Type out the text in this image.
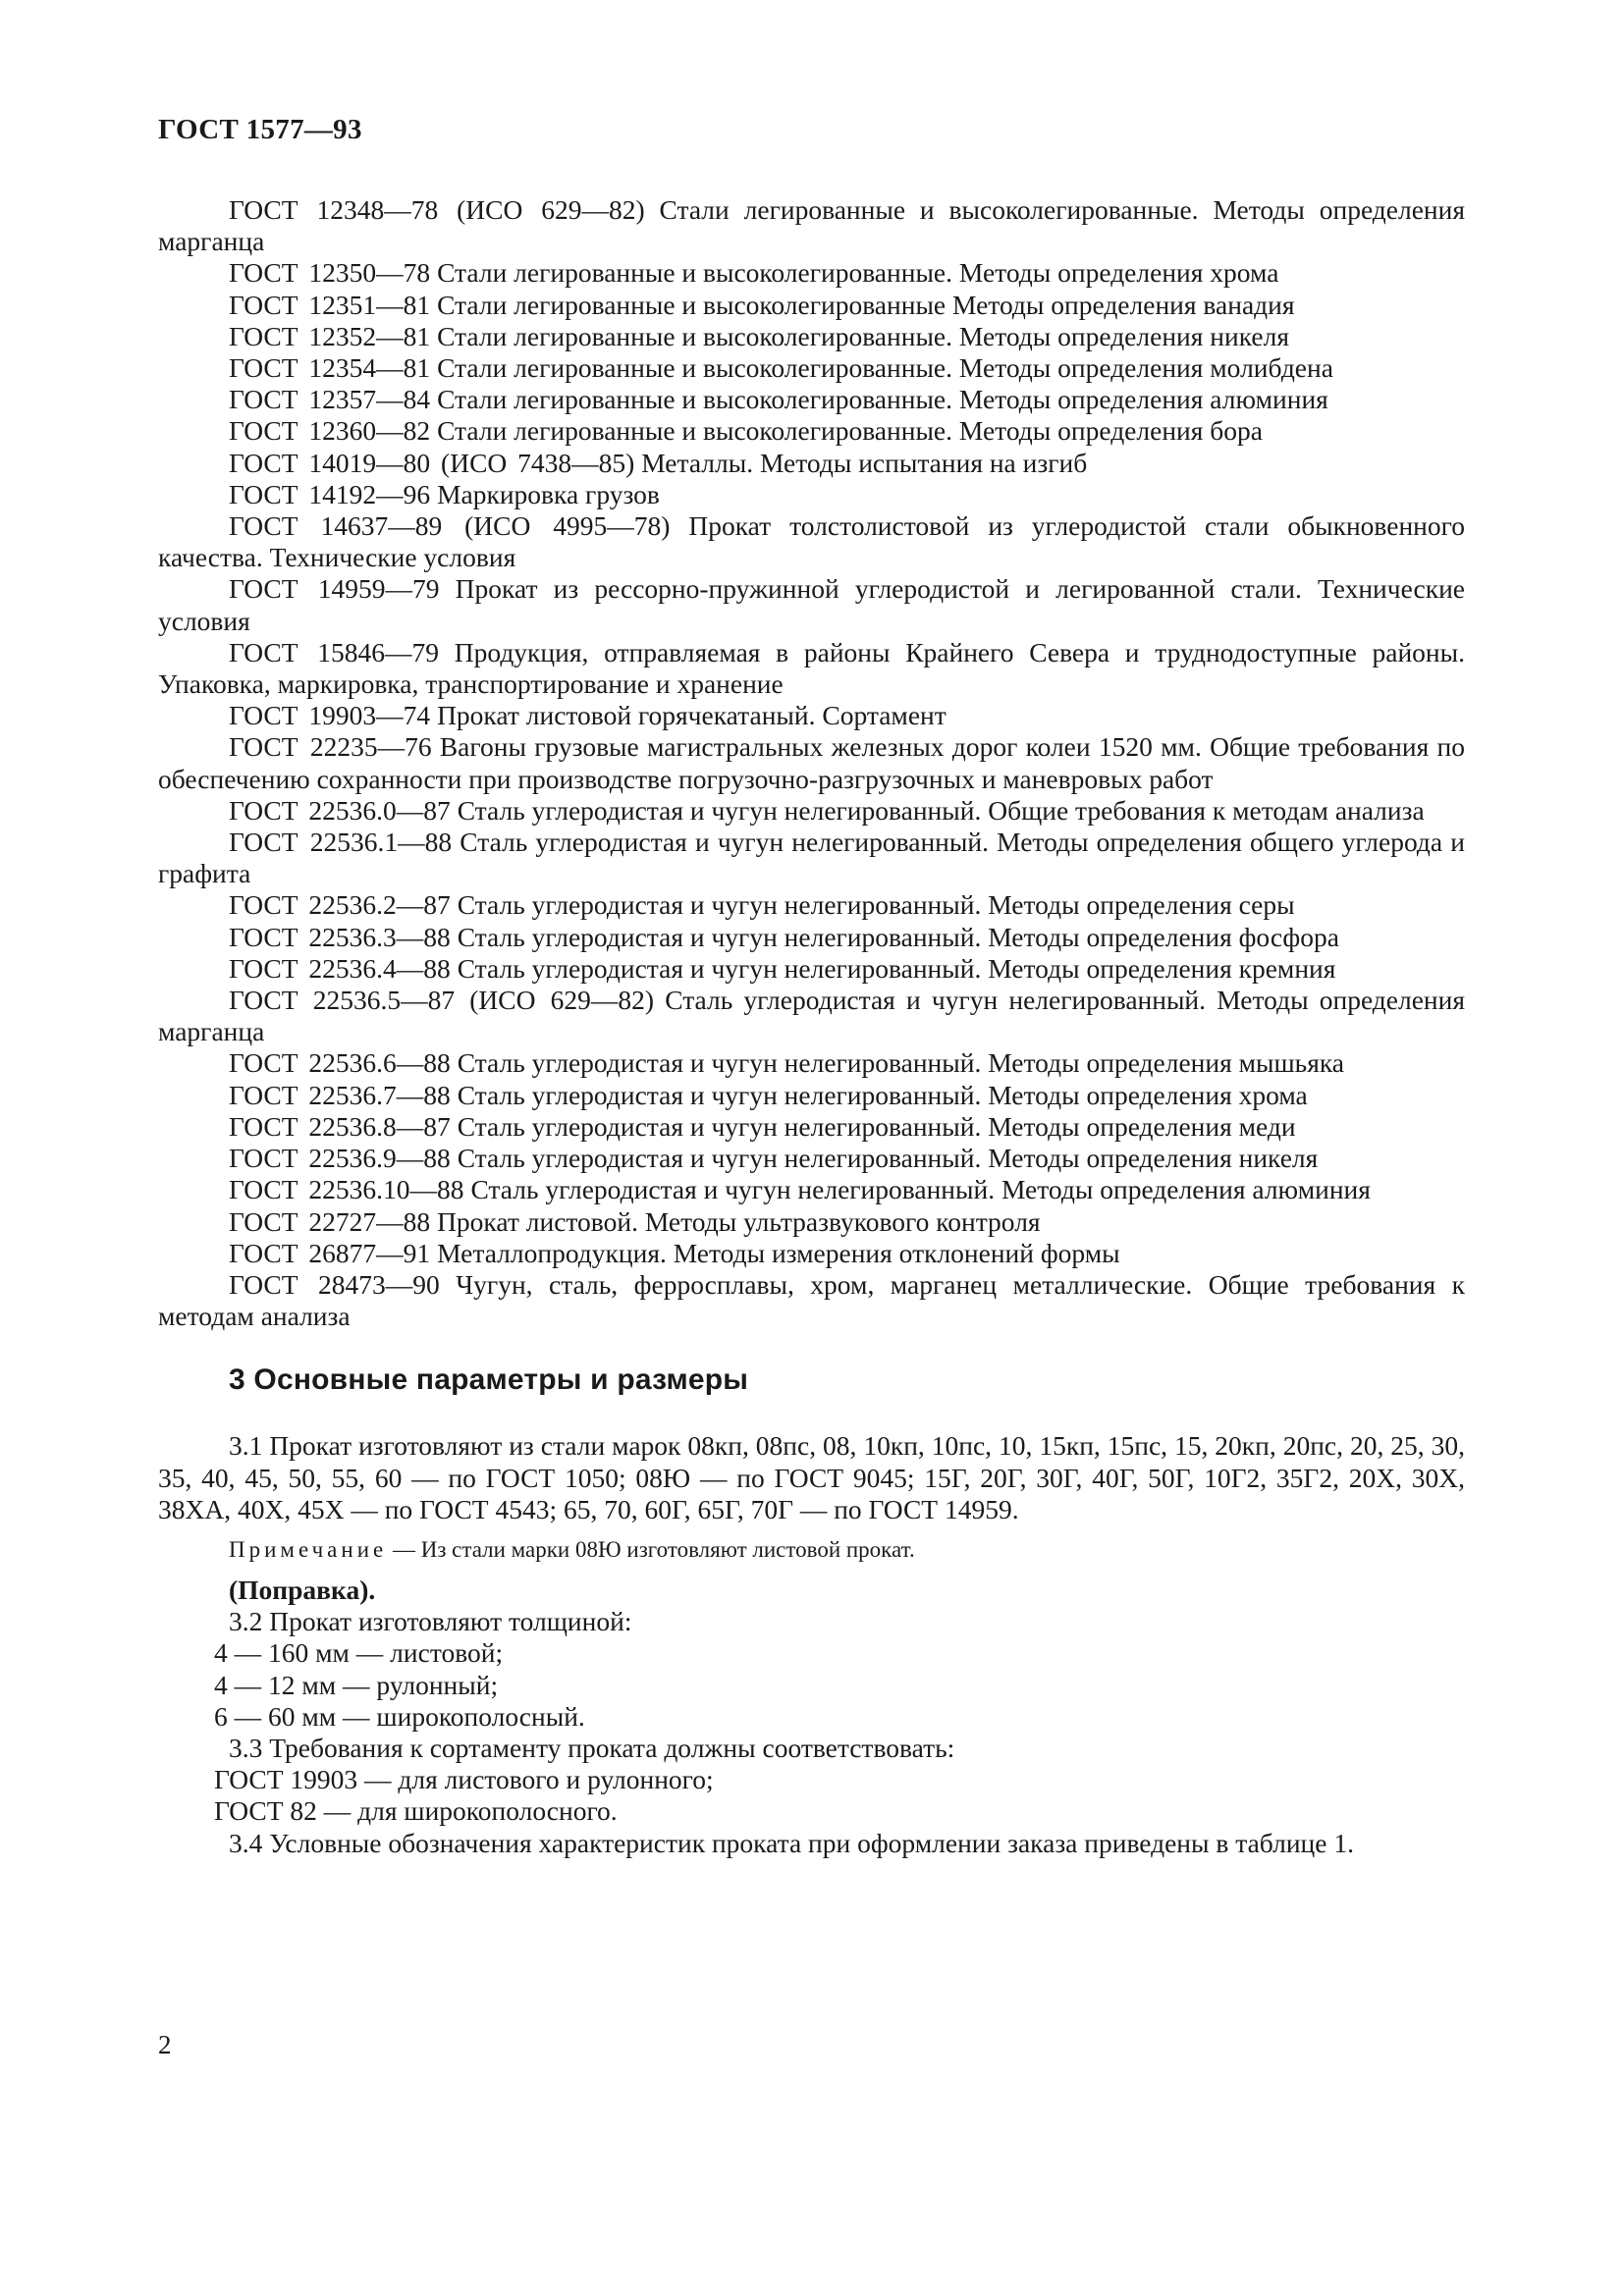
ГОСТ 1577—93

ГОСТ 12348—78 (ИСО 629—82) Стали легированные и высоколегированные. Методы определения марганца

ГОСТ 12350—78 Стали легированные и высоколегированные. Методы определения хрома

ГОСТ 12351—81 Стали легированные и высоколегированные Методы определения ванадия

ГОСТ 12352—81 Стали легированные и высоколегированные. Методы определения никеля

ГОСТ 12354—81 Стали легированные и высоколегированные. Методы определения молибдена

ГОСТ 12357—84 Стали легированные и высоколегированные. Методы определения алюминия

ГОСТ 12360—82 Стали легированные и высоколегированные. Методы определения бора

ГОСТ 14019—80 (ИСО 7438—85) Металлы. Методы испытания на изгиб

ГОСТ 14192—96 Маркировка грузов

ГОСТ 14637—89 (ИСО 4995—78) Прокат толстолистовой из углеродистой стали обыкновенного качества. Технические условия

ГОСТ 14959—79 Прокат из рессорно-пружинной углеродистой и легированной стали. Технические условия

ГОСТ 15846—79 Продукция, отправляемая в районы Крайнего Севера и труднодоступные районы. Упаковка, маркировка, транспортирование и хранение

ГОСТ 19903—74 Прокат листовой горячекатаный. Сортамент

ГОСТ 22235—76 Вагоны грузовые магистральных железных дорог колеи 1520 мм. Общие требования по обеспечению сохранности при производстве погрузочно-разгрузочных и маневровых работ

ГОСТ 22536.0—87 Сталь углеродистая и чугун нелегированный. Общие требования к методам анализа

ГОСТ 22536.1—88 Сталь углеродистая и чугун нелегированный. Методы определения общего углерода и графита

ГОСТ 22536.2—87 Сталь углеродистая и чугун нелегированный. Методы определения серы

ГОСТ 22536.3—88 Сталь углеродистая и чугун нелегированный. Методы определения фосфора

ГОСТ 22536.4—88 Сталь углеродистая и чугун нелегированный. Методы определения кремния

ГОСТ 22536.5—87 (ИСО 629—82) Сталь углеродистая и чугун нелегированный. Методы определения марганца

ГОСТ 22536.6—88 Сталь углеродистая и чугун нелегированный. Методы определения мышьяка

ГОСТ 22536.7—88 Сталь углеродистая и чугун нелегированный. Методы определения хрома

ГОСТ 22536.8—87 Сталь углеродистая и чугун нелегированный. Методы определения меди

ГОСТ 22536.9—88 Сталь углеродистая и чугун нелегированный. Методы определения никеля

ГОСТ 22536.10—88 Сталь углеродистая и чугун нелегированный. Методы определения алюминия

ГОСТ 22727—88 Прокат листовой. Методы ультразвукового контроля

ГОСТ 26877—91 Металлопродукция. Методы измерения отклонений формы

ГОСТ 28473—90 Чугун, сталь, ферросплавы, хром, марганец металлические. Общие требования к методам анализа

3 Основные параметры и размеры

3.1 Прокат изготовляют из стали марок 08кп, 08пс, 08, 10кп, 10пс, 10, 15кп, 15пс, 15, 20кп, 20пс, 20, 25, 30, 35, 40, 45, 50, 55, 60 — по ГОСТ 1050; 08Ю — по ГОСТ 9045; 15Г, 20Г, 30Г, 40Г, 50Г, 10Г2, 35Г2, 20Х, 30Х, 38ХА, 40Х, 45Х — по ГОСТ 4543; 65, 70, 60Г, 65Г, 70Г — по ГОСТ 14959.

Примечание — Из стали марки 08Ю изготовляют листовой прокат.
(Поправка).
3.2 Прокат изготовляют толщиной:
4 — 160 мм — листовой;
4 — 12 мм — рулонный;
6 — 60 мм — широкополосный.
3.3 Требования к сортаменту проката должны соответствовать:
ГОСТ 19903 — для листового и рулонного;
ГОСТ 82 — для широкополосного.

3.4 Условные обозначения характеристик проката при оформлении заказа приведены в таблице 1.

2
